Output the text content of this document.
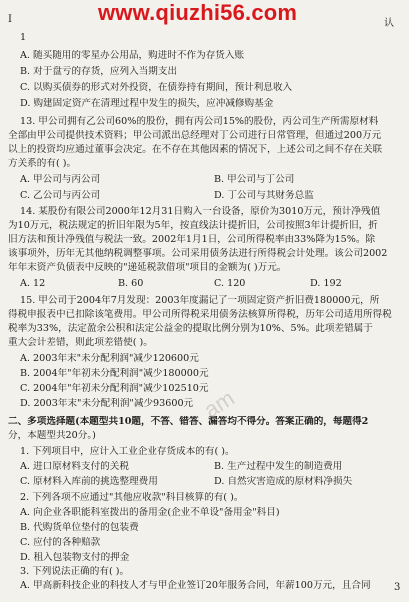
www.qiuzhi56.com
I	认
1
A. 随买随用的零星办公用品，购进时不作为存货入账
B. 对于盘亏的存货，应列入当期支出
C. 以购买债券的形式对外投资，在债券持有期间，预计利息收入
D. 购建固定资产在清理过程中发生的损失，应冲减修购基金
13. 甲公司拥有乙公司60%的股份，拥有丙公司15%的股份，丙公司生产所需原材料
全部由甲公司提供技术资料；甲公司派出总经理对丁公司进行日常管理，但通过200万元
以上的投资均应通过董事会决定。在不存在其他因素的情况下，上述公司之间不存在关联
方关系的有( )。
A. 甲公司与丙公司	B. 甲公司与丁公司
C. 乙公司与丙公司	D. 丁公司与其财务总监
14. 某股份有限公司2000年12月31日购入一台设备，原价为3010万元，预计净残值
为10万元，税法规定的折旧年限为5年，按直线法计提折旧，公司按照3年计提折旧，折
旧方法和预计净残值与税法一致。2002年1月1日，公司所得税率由33%降为15%。除
该事项外，历年无其他纳税调整事项。公司采用债务法进行所得税会计处理。该公司2002
年年末资产负债表中反映的"递延税款借项"项目的金额为( )万元。
A. 12	B. 60	C. 120	D. 192
15. 甲公司于2004年7月发现：2003年度漏记了一项固定资产折旧费180000元，所
得税申报表中已扣除该笔费用。甲公司所得税采用债务法核算所得税，历年公司适用所得税
税率为33%，法定盈余公积和法定公益金的提取比例分别为10%、5%。此项差错属于
重大会计差错，则此项差错使( )。
A. 2003年末"未分配利润"减少120600元
B. 2004年"年初未分配利润"减少180000元
C. 2004年"年初未分配利润"减少102510元
D. 2003年末"未分配利润"减少93600元
二、多项选择题(本题型共10题，不答、错答、漏答均不得分。答案正确的，每题得2
分，本题型共20分。)
1. 下列项目中，应计入工业企业存货成本的有( )。
A. 进口原材料支付的关税	B. 生产过程中发生的制造费用
C. 原材料入库前的挑选整理费用	D. 自然灾害造成的原材料净损失
2. 下列各项不应通过"其他应收款"科目核算的有( )。
A. 向企业各职能科室拨出的备用金(企业不单设"备用金"科目)
B. 代购货单位垫付的包装费
C. 应付的各种赔款
D. 租入包装物支付的押金
3. 下列说法正确的有( )。
A. 甲高新科技企业的科技人才与甲企业签订20年服务合同，年薪100万元，且合同
am
3
